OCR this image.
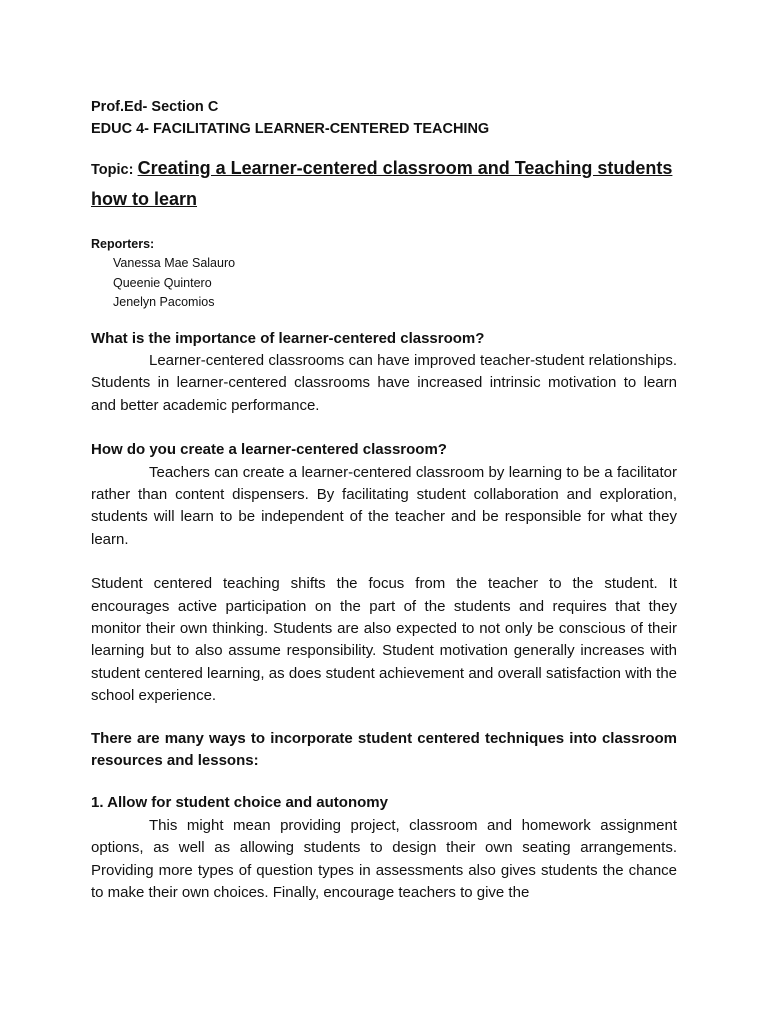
Prof.Ed- Section C
EDUC 4- FACILITATING LEARNER-CENTERED TEACHING
Topic: Creating a Learner-centered classroom and Teaching students how to learn
Reporters:
Vanessa Mae Salauro
Queenie Quintero
Jenelyn Pacomios
What is the importance of learner-centered classroom?
Learner-centered classrooms can have improved teacher-student relationships. Students in learner-centered classrooms have increased intrinsic motivation to learn and better academic performance.
How do you create a learner-centered classroom?
Teachers can create a learner-centered classroom by learning to be a facilitator rather than content dispensers. By facilitating student collaboration and exploration, students will learn to be independent of the teacher and be responsible for what they learn.
Student centered teaching shifts the focus from the teacher to the student. It encourages active participation on the part of the students and requires that they monitor their own thinking. Students are also expected to not only be conscious of their learning but to also assume responsibility. Student motivation generally increases with student centered learning, as does student achievement and overall satisfaction with the school experience.
There are many ways to incorporate student centered techniques into classroom resources and lessons:
1. Allow for student choice and autonomy
This might mean providing project, classroom and homework assignment options, as well as allowing students to design their own seating arrangements. Providing more types of question types in assessments also gives students the chance to make their own choices. Finally, encourage teachers to give the
